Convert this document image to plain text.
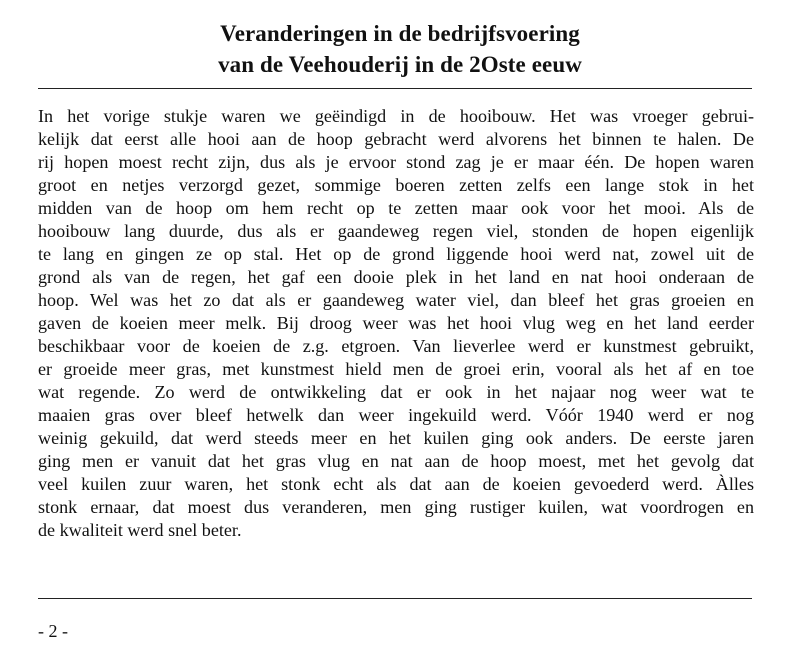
Veranderingen in de bedrijfsvoering
van de Veehouderij in de 2Oste eeuw
In het vorige stukje waren we geëindigd in de hooibouw. Het was vroeger gebrui-
kelijk dat eerst alle hooi aan de hoop gebracht werd alvorens het binnen te halen. De
rij hopen moest recht zijn, dus als je ervoor stond zag je er maar één. De hopen waren
groot en netjes verzorgd gezet, sommige boeren zetten zelfs een lange stok in het
midden van de hoop om hem recht op te zetten maar ook voor het mooi. Als de
hooibouw lang duurde, dus als er gaandeweg regen viel, stonden de hopen eigenlijk
te lang en gingen ze op stal. Het op de grond liggende hooi werd nat, zowel uit de
grond als van de regen, het gaf een dooie plek in het land en nat hooi onderaan de
hoop. Wel was het zo dat als er gaandeweg water viel, dan bleef het gras groeien en
gaven de koeien meer melk. Bij droog weer was het hooi vlug weg en het land eerder
beschikbaar voor de koeien de z.g. etgroen. Van lieverlee werd er kunstmest gebruikt,
er groeide meer gras, met kunstmest hield men de groei erin, vooral als het af en toe
wat regende. Zo werd de ontwikkeling dat er ook in het najaar nog weer wat te
maaien gras over bleef hetwelk dan weer ingekuild werd. Vóór 1940 werd er nog
weinig gekuild, dat werd steeds meer en het kuilen ging ook anders. De eerste jaren
ging men er vanuit dat het gras vlug en nat aan de hoop moest, met het gevolg dat
veel kuilen zuur waren, het stonk echt als dat aan de koeien gevoederd werd. Àlles
stonk ernaar, dat moest dus veranderen, men ging rustiger kuilen, wat voordrogen en
de kwaliteit werd snel beter.
- 2 -
